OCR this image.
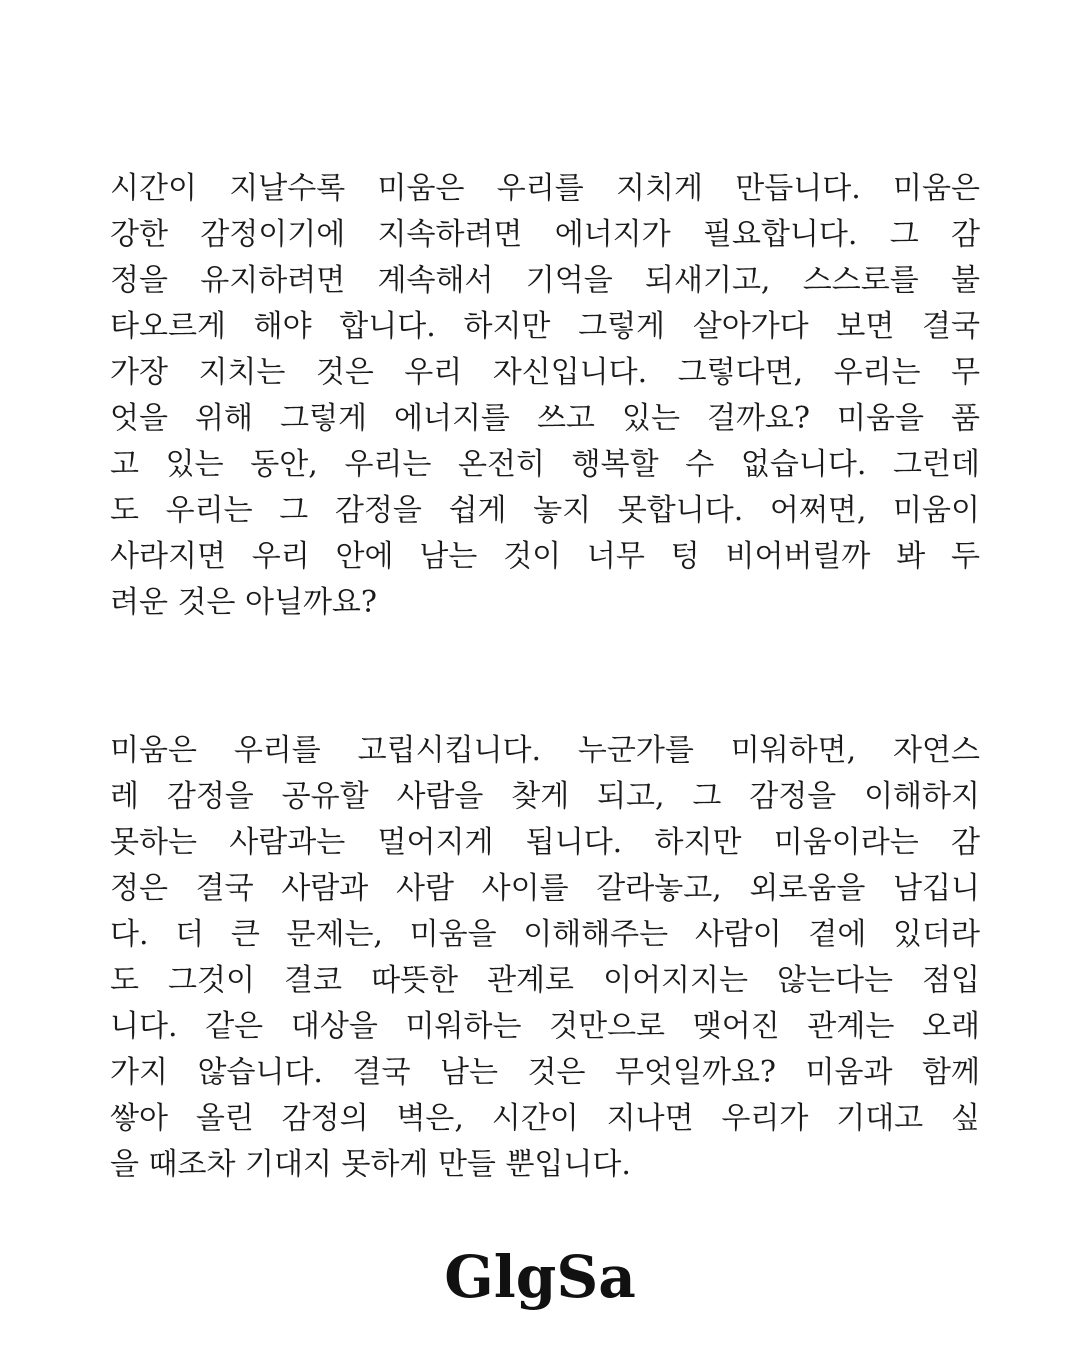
시간이 지날수록 미움은 우리를 지치게 만듭니다. 미움은
강한 감정이기에 지속하려면 에너지가 필요합니다. 그 감
정을 유지하려면 계속해서 기억을 되새기고, 스스로를 불
타오르게 해야 합니다. 하지만 그렇게 살아가다 보면 결국
가장 지치는 것은 우리 자신입니다. 그렇다면, 우리는 무
엇을 위해 그렇게 에너지를 쓰고 있는 걸까요? 미움을 품
고 있는 동안, 우리는 온전히 행복할 수 없습니다. 그런데
도 우리는 그 감정을 쉽게 놓지 못합니다. 어쩌면, 미움이
사라지면 우리 안에 남는 것이 너무 텅 비어버릴까 봐 두
려운 것은 아닐까요?
미움은 우리를 고립시킵니다. 누군가를 미워하면, 자연스
레 감정을 공유할 사람을 찾게 되고, 그 감정을 이해하지
못하는 사람과는 멀어지게 됩니다. 하지만 미움이라는 감
정은 결국 사람과 사람 사이를 갈라놓고, 외로움을 남깁니
다. 더 큰 문제는, 미움을 이해해주는 사람이 곁에 있더라
도 그것이 결코 따뜻한 관계로 이어지지는 않는다는 점입
니다. 같은 대상을 미워하는 것만으로 맺어진 관계는 오래
가지 않습니다. 결국 남는 것은 무엇일까요? 미움과 함께
쌓아 올린 감정의 벽은, 시간이 지나면 우리가 기대고 싶
을 때조차 기대지 못하게 만들 뿐입니다.
GlgSa
